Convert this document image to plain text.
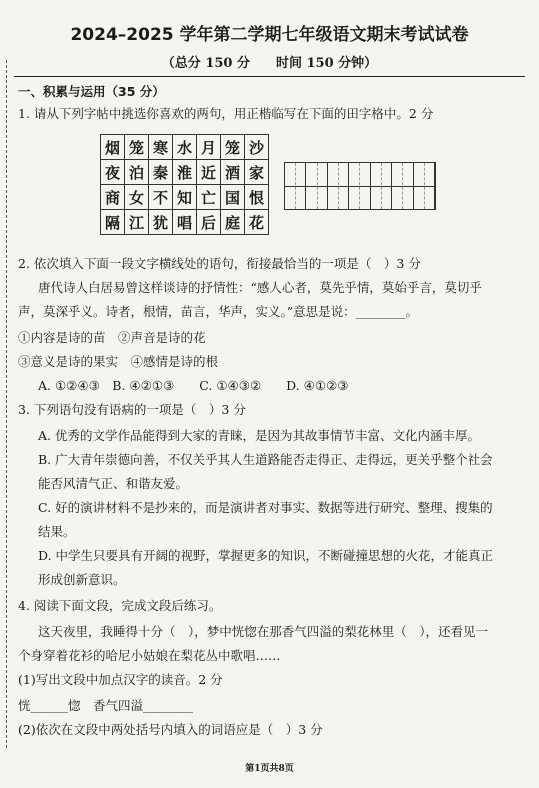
2024–2025 学年第二学期七年级语文期末考试试卷
（总分 150 分　　时间 150 分钟）
一、积累与运用（35 分）
1. 请从下列字帖中挑选你喜欢的两句，用正楷临写在下面的田字格中。2 分
烟	笼	寒	水	月	笼	沙
夜	泊	秦	淮	近	酒	家
商	女	不	知	亡	国	恨
隔	江	犹	唱	后	庭	花
2. 依次填入下面一段文字横线处的语句，衔接最恰当的一项是（　）3 分
唐代诗人白居易曾这样谈诗的抒情性：“感人心者，莫先乎情，莫始乎言，莫切乎
声，莫深乎义。诗者，根情，苗言，华声，实义。”意思是说：________。
①内容是诗的苗　②声音是诗的花
③意义是诗的果实　④感情是诗的根
A. ①②④③　B. ④②①③　　C. ①④③②　　D. ④①②③
3. 下列语句没有语病的一项是（　）3 分
A. 优秀的文学作品能得到大家的青睐，是因为其故事情节丰富、文化内涵丰厚。
B. 广大青年崇德向善，不仅关乎其人生道路能否走得正、走得远，更关乎整个社会
能否风清气正、和谐友爱。
C. 好的演讲材料不是抄来的，而是演讲者对事实、数据等进行研究、整理、搜集的
结果。
D. 中学生只要具有开阔的视野，掌握更多的知识，不断碰撞思想的火花，才能真正
形成创新意识。
4. 阅读下面文段，完成文段后练习。
这天夜里，我睡得十分（　），梦中恍惚在那香气四溢的梨花林里（　），还看见一
个身穿着花衫的哈尼小姑娘在梨花丛中歌唱……
(1)写出文段中加点汉字的读音。2 分
恍______惚　香气四溢________
(2)依次在文段中两处括号内填入的词语应是（　）3 分
第1页共8页
